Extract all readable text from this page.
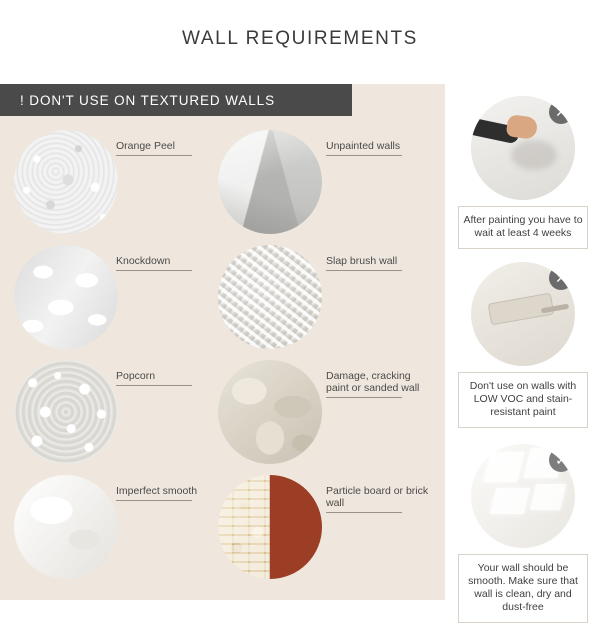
WALL REQUIREMENTS
! DON'T USE ON TEXTURED WALLS
Orange Peel	Unpainted walls
Knockdown	Slap brush wall
Popcorn	Damage, cracking paint or sanded wall
Imperfect smooth	Particle board or brick wall
✕
After painting you have to wait at least 4 weeks
✕
Don't use on walls with LOW VOC and stain-resistant paint
✓
Your wall should be smooth. Make sure that wall is clean, dry and dust-free
